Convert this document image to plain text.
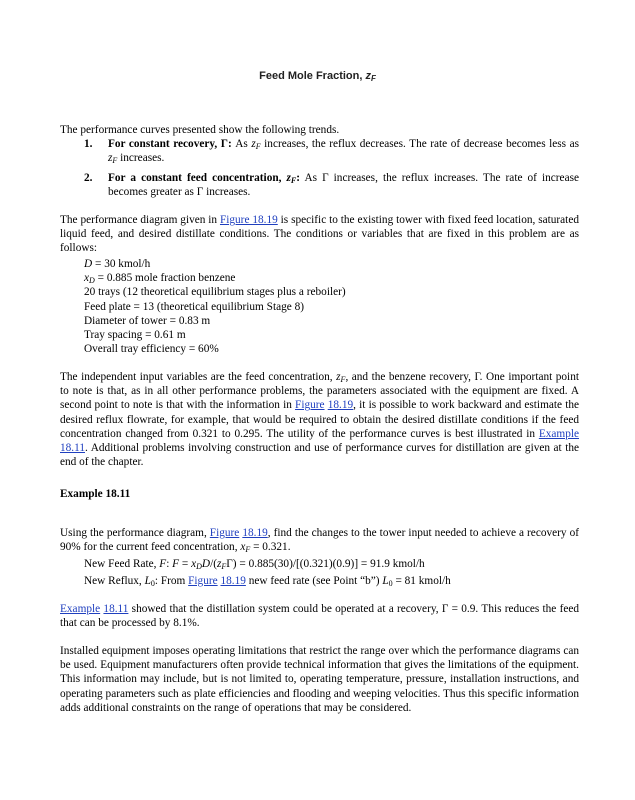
Feed Mole Fraction, zF
The performance curves presented show the following trends.
1. For constant recovery, Γ: As $z_F$ increases, the reflux decreases. The rate of decrease becomes less as $z_F$ increases.
2. For a constant feed concentration, $z_F$: As Γ increases, the reflux increases. The rate of increase becomes greater as Γ increases.
The performance diagram given in Figure 18.19 is specific to the existing tower with fixed feed location, saturated liquid feed, and desired distillate conditions. The conditions or variables that are fixed in this problem are as follows:
D = 30 kmol/h
$x_D = 0.885$ mole fraction benzene
20 trays (12 theoretical equilibrium stages plus a reboiler)
Feed plate = 13 (theoretical equilibrium Stage 8)
Diameter of tower = 0.83 m
Tray spacing = 0.61 m
Overall tray efficiency = 60%
The independent input variables are the feed concentration, $z_F$, and the benzene recovery, Γ. One important point to note is that, as in all other performance problems, the parameters associated with the equipment are fixed. A second point to note is that with the information in Figure 18.19, it is possible to work backward and estimate the desired reflux flowrate, for example, that would be required to obtain the desired distillate conditions if the feed concentration changed from 0.321 to 0.295. The utility of the performance curves is best illustrated in Example 18.11. Additional problems involving construction and use of performance curves for distillation are given at the end of the chapter.
Example 18.11
Using the performance diagram, Figure 18.19, find the changes to the tower input needed to achieve a recovery of 90% for the current feed concentration, $x_F = 0.321$.
New Feed Rate, F: $F = x_DD/(z_F\Gamma) = 0.885(30)/[(0.321)(0.9)] = 91.9$ kmol/h
New Reflux, $L_0$: From Figure 18.19 new feed rate (see Point “b”) $L_0 = 81$ kmol/h
Example 18.11 showed that the distillation system could be operated at a recovery, Γ = 0.9. This reduces the feed that can be processed by 8.1%.
Installed equipment imposes operating limitations that restrict the range over which the performance diagrams can be used. Equipment manufacturers often provide technical information that gives the limitations of the equipment. This information may include, but is not limited to, operating temperature, pressure, installation instructions, and operating parameters such as plate efficiencies and flooding and weeping velocities. Thus this specific information adds additional constraints on the range of operations that may be considered.
